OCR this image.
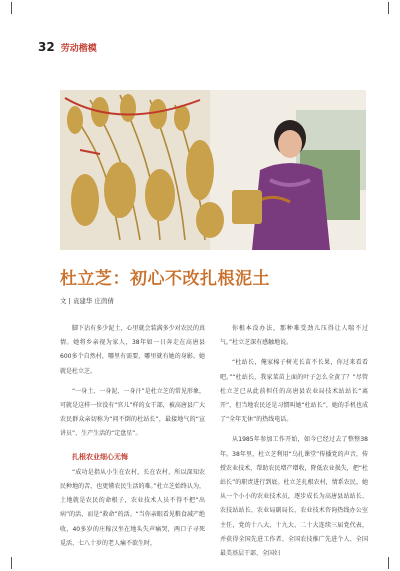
32 劳动楷模
杜立芝：初心不改扎根泥土
文 | 袁建华 庄茵倩

脚下沾有多少泥土，心里就会装满多少对农民的真情。她将乡亲视为家人，38年如一日奔走在高唐县600多个自然村，哪里有需要，哪里就有她的身影。她就是杜立芝。

“一身土、一身泥、一身汗”是杜立芝的常见形象，可就是这样一位没有“官儿”样的女干部，被高唐县广大农民群众亲切称为“问不倒的杜站长”，最接地气的“宣讲员”、生产生活的“定盘星”。

扎根农业细心无悔

“成功是指从小生在农村，长在农村，所以深知农民种地的苦，也更懂农民生活的难。”杜立芝始终认为，土地就是农民的命根子，农业技术人员不得不把“出病”的活，而是“救命”的活。“当你亲眼看见粮食减产绝收，40多岁的庄稼汉坐在地头失声痛哭，两口子寻死觅活、七八十岁的老人痛不欲生时，

你根本没办法，那种难受劲儿压得让人喘不过气。”杜立芝深有感触地说。

“杜站长，俺家棉子树光长苗不长果，你过来看看吧。”“杜站长，我家菜苗上面的叶子怎么全黄了？”尽管杜立芝已从此前担任的高唐县农业局技术站站长“离开”，但当地农民还是习惯叫她“杜站长”，她的手机也成了“全年无休”的热线电话。

从1985年参加工作开始，如今已经过去了整整38年。38年里，杜立芝利用“乌扎课堂”传播党的声音，传授农业技术，帮助农民增产增收，降低农业损失，把“杜站长”的职责进行到底。杜立芝扎根农村，情系农民，她从一个小小的农业技术员，逐步成长为高唐县站站长、农技站站长、农业局副局长、农业技术咨询热线办公室主任，党的十八大、十九大、二十大连续三届党代表，并获得全国先进工作者、全国农技推广先进个人、全国最美基层干部、全国妇
